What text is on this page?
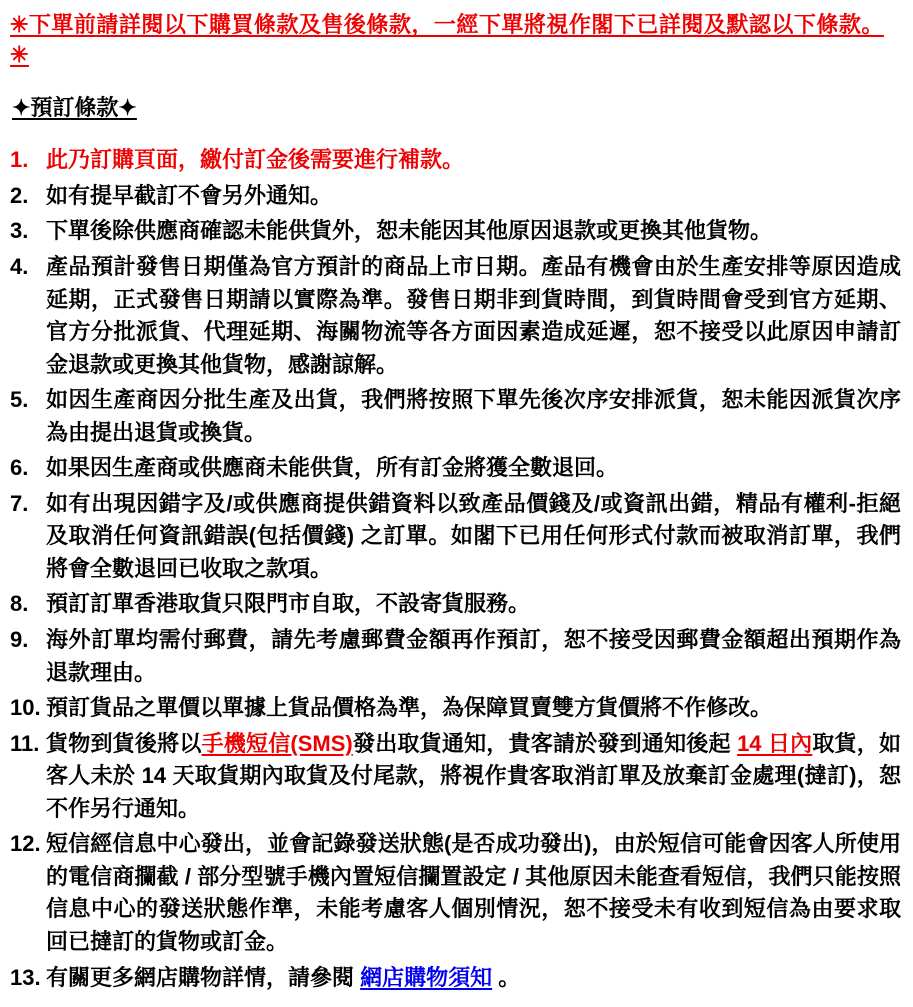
✳下單前請詳閱以下購買條款及售後條款，一經下單將視作閣下已詳閱及默認以下條款。 ✳
✦預訂條款✦
1. 此乃訂購頁面，繳付訂金後需要進行補款。
2. 如有提早截訂不會另外通知。
3. 下單後除供應商確認未能供貨外，恕未能因其他原因退款或更換其他貨物。
4. 產品預計發售日期僅為官方預計的商品上市日期。產品有機會由於生產安排等原因造成延期，正式發售日期請以實際為準。發售日期非到貨時間，到貨時間會受到官方延期、官方分批派貨、代理延期、海關物流等各方面因素造成延遲，恕不接受以此原因申請訂金退款或更換其他貨物，感謝諒解。
5. 如因生產商因分批生產及出貨，我們將按照下單先後次序安排派貨，恕未能因派貨次序為由提出退貨或換貨。
6. 如果因生產商或供應商未能供貨，所有訂金將獲全數退回。
7. 如有出現因錯字及/或供應商提供錯資料以致產品價錢及/或資訊出錯，精品有權利-拒絕及取消任何資訊錯誤(包括價錢) 之訂單。如閣下已用任何形式付款而被取消訂單，我們將會全數退回已收取之款項。
8. 預訂訂單香港取貨只限門市自取，不設寄貨服務。
9. 海外訂單均需付郵費，請先考慮郵費金額再作預訂，恕不接受因郵費金額超出預期作為退款理由。
10. 預訂貨品之單價以單據上貨品價格為準，為保障買賣雙方貨價將不作修改。
11. 貨物到貨後將以手機短信(SMS)發出取貨通知，貴客請於發到通知後起 14 日內取貨，如客人未於 14 天取貨期內取貨及付尾款，將視作貴客取消訂單及放棄訂金處理(撻訂)，恕不作另行通知。
12. 短信經信息中心發出，並會記錄發送狀態(是否成功發出)，由於短信可能會因客人所使用的電信商攔截 / 部分型號手機內置短信攔置設定 / 其他原因未能查看短信，我們只能按照信息中心的發送狀態作準，未能考慮客人個別情況，恕不接受未有收到短信為由要求取回已撻訂的貨物或訂金。
13. 有關更多網店購物詳情，請參閱 網店購物須知 。
